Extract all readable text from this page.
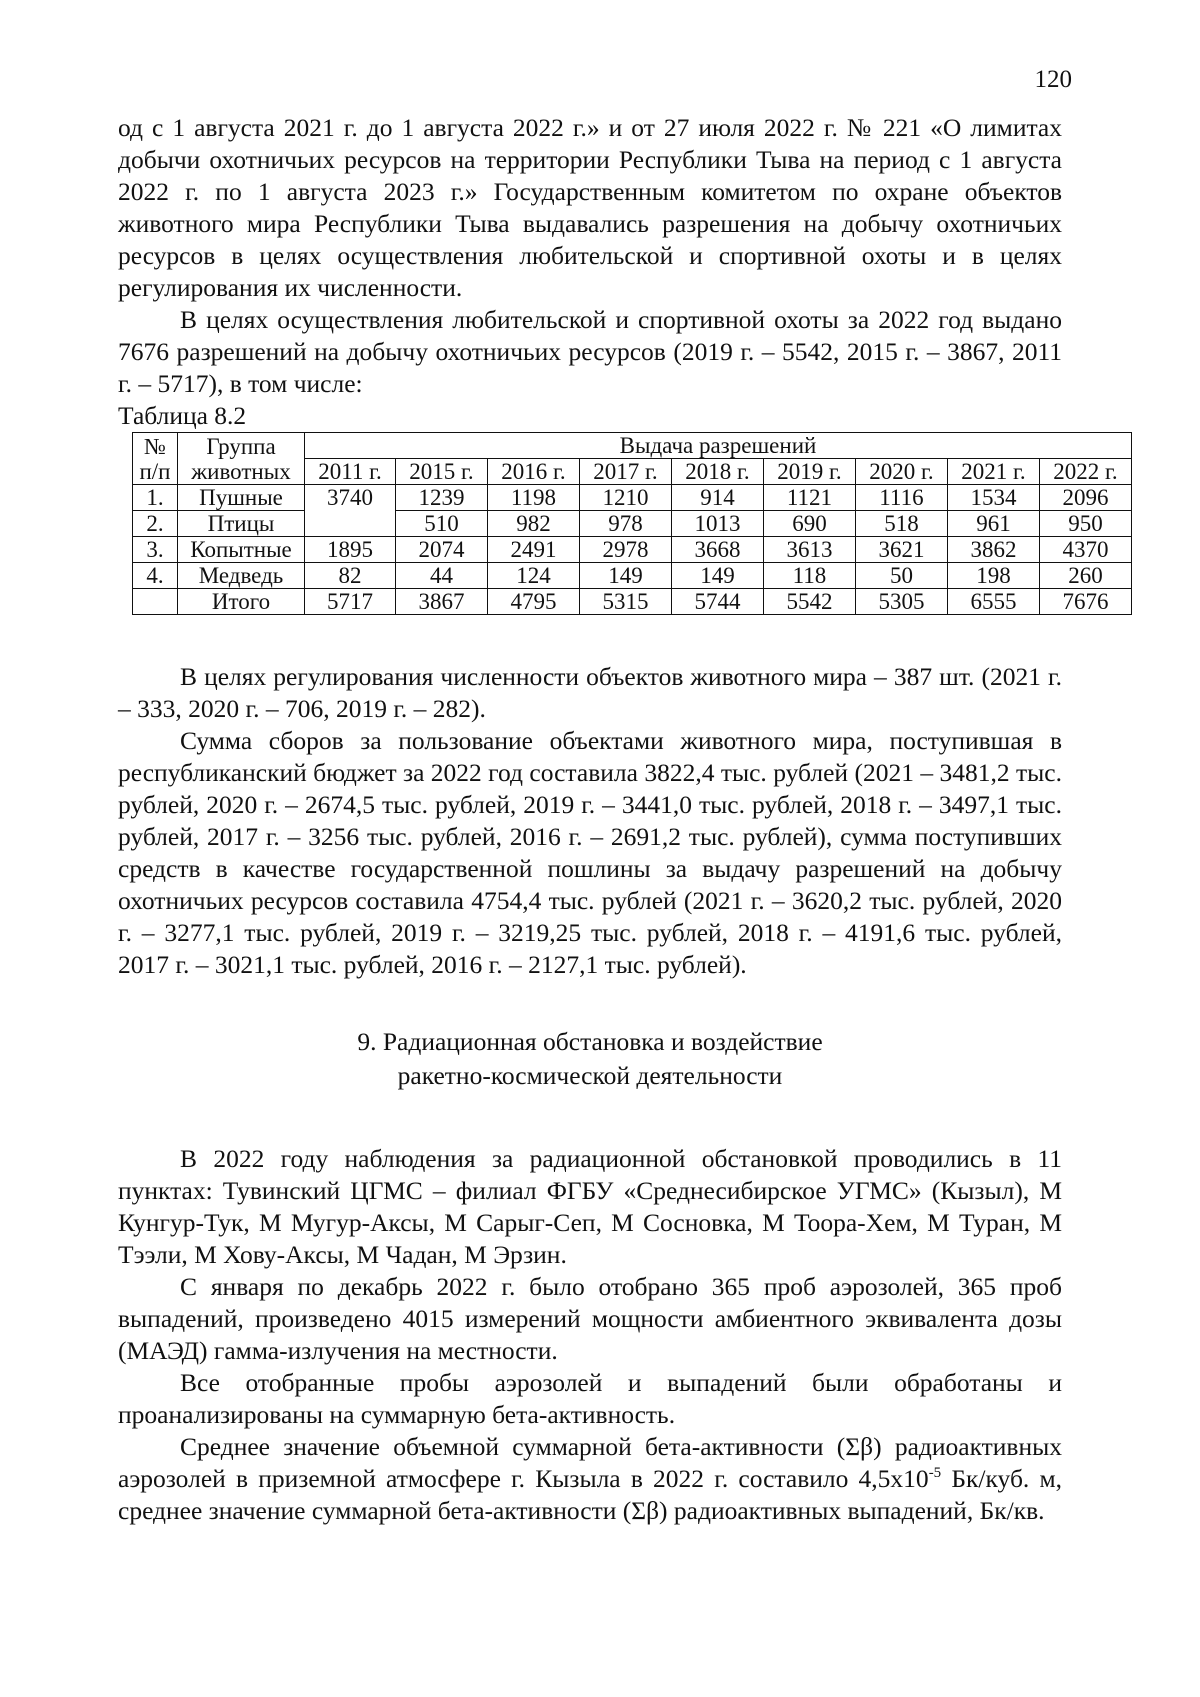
120

од с 1 августа 2021 г. до 1 августа 2022 г.» и от 27 июля 2022 г. № 221 «О лимитах добычи охотничьих ресурсов на территории Республики Тыва на период с 1 августа 2022 г. по 1 августа 2023 г.» Государственным комитетом по охране объектов животного мира Республики Тыва выдавались разрешения на добычу охотничьих ресурсов в целях осуществления любительской и спортивной охоты и в целях регулирования их численности.

В целях осуществления любительской и спортивной охоты за 2022 год выдано 7676 разрешений на добычу охотничьих ресурсов (2019 г. – 5542, 2015 г. – 3867, 2011 г. – 5717), в том числе:

Таблица 8.2

№ п/п	Группа животных	Выдача разрешений								
		2011 г.	2015 г.	2016 г.	2017 г.	2018 г.	2019 г.	2020 г.	2021 г.	2022 г.
1.	Пушные	3740	1239	1198	1210	914	1121	1116	1534	2096
2.	Птицы		510	982	978	1013	690	518	961	950
3.	Копытные	1895	2074	2491	2978	3668	3613	3621	3862	4370
4.	Медведь	82	44	124	149	149	118	50	198	260
	Итого	5717	3867	4795	5315	5744	5542	5305	6555	7676

В целях регулирования численности объектов животного мира – 387 шт. (2021 г. – 333, 2020 г. – 706, 2019 г. – 282).

Сумма сборов за пользование объектами животного мира, поступившая в республиканский бюджет за 2022 год составила 3822,4 тыс. рублей (2021 – 3481,2 тыс. рублей, 2020 г. – 2674,5 тыс. рублей, 2019 г. – 3441,0 тыс. рублей, 2018 г. – 3497,1 тыс. рублей, 2017 г. – 3256 тыс. рублей, 2016 г. – 2691,2 тыс. рублей), сумма поступивших средств в качестве государственной пошлины за выдачу разрешений на добычу охотничьих ресурсов составила 4754,4 тыс. рублей (2021 г. – 3620,2 тыс. рублей, 2020 г. – 3277,1 тыс. рублей, 2019 г. – 3219,25 тыс. рублей, 2018 г. – 4191,6 тыс. рублей, 2017 г. – 3021,1 тыс. рублей, 2016 г. – 2127,1 тыс. рублей).

9. Радиационная обстановка и воздействие
ракетно-космической деятельности

В 2022 году наблюдения за радиационной обстановкой проводились в 11 пунктах: Тувинский ЦГМС – филиал ФГБУ «Среднесибирское УГМС» (Кызыл), М Кунгур-Тук, М Мугур-Аксы, М Сарыг-Сеп, М Сосновка, М Тоора-Хем, М Туран, М Тээли, М Хову-Аксы, М Чадан, М Эрзин.

С января по декабрь 2022 г. было отобрано 365 проб аэрозолей, 365 проб выпадений, произведено 4015 измерений мощности амбиентного эквивалента дозы (МАЭД) гамма-излучения на местности.

Все отобранные пробы аэрозолей и выпадений были обработаны и проанализированы на суммарную бета-активность.

Среднее значение объемной суммарной бета-активности (Σβ) радиоактивных аэрозолей в приземной атмосфере г. Кызыла в 2022 г. составило $4,5х10^{-5}$ Бк/куб. м, среднее значение суммарной бета-активности (Σβ) радиоактивных выпадений, Бк/кв.
